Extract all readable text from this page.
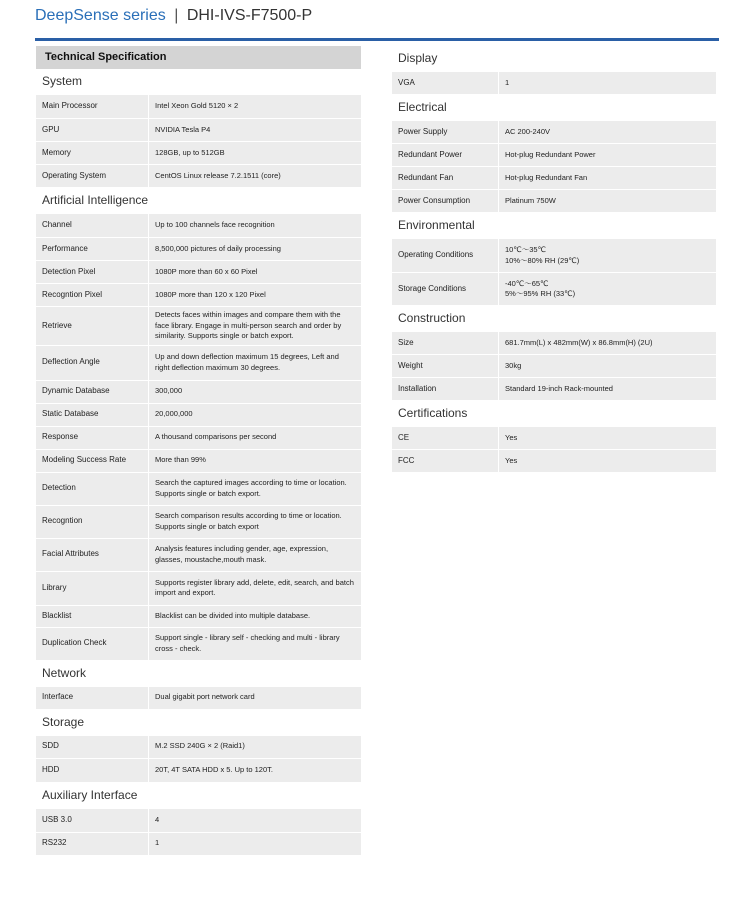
DeepSense series | DHI-IVS-F7500-P
Technical Specification
System
Main Processor	Intel Xeon Gold 5120 × 2
GPU	NVIDIA Tesla P4
Memory	128GB, up to 512GB
Operating System	CentOS Linux release 7.2.1511 (core)
Artificial Intelligence
Channel	Up to 100 channels face recognition
Performance	8,500,000 pictures of daily processing
Detection Pixel	1080P more than 60 x 60 Pixel
Recogntion Pixel	1080P more than 120 x 120 Pixel
Retrieve	Detects faces within images and compare them with the face library. Engage in multi-person search and order by similarity. Supports single or batch export.
Deflection Angle	Up and down deflection maximum 15 degrees, Left and right deflection maximum 30 degrees.
Dynamic Database	300,000
Static Database	20,000,000
Response	A thousand comparisons per second
Modeling Success Rate	More than 99%
Detection	Search the captured images according to time or location. Supports single or batch export.
Recogntion	Search comparison results according to time or location. Supports single or batch export
Facial Attributes	Analysis features including gender, age, expression, glasses, moustache,mouth mask.
Library	Supports register library add, delete, edit, search, and batch import and export.
Blacklist	Blacklist can be divided into multiple database.
Duplication Check	Support single - library self - checking and multi - library cross - check.
Network
Interface	Dual gigabit port network card
Storage
SDD	M.2 SSD 240G × 2 (Raid1)
HDD	20T, 4T SATA HDD x 5. Up to 120T.
Auxiliary Interface
USB 3.0	4
RS232	1
Display
VGA	1
Electrical
Power Supply	AC 200-240V
Redundant Power	Hot-plug Redundant Power
Redundant Fan	Hot-plug Redundant Fan
Power Consumption	Platinum 750W
Environmental
Operating Conditions	10℃～35℃
10%～80% RH (29℃)
Storage Conditions	-40℃～65℃
5%～95% RH (33℃)
Construction
Size	681.7mm(L) x 482mm(W) x 86.8mm(H) (2U)
Weight	30kg
Installation	Standard 19-inch Rack-mounted
Certifications
CE	Yes
FCC	Yes
